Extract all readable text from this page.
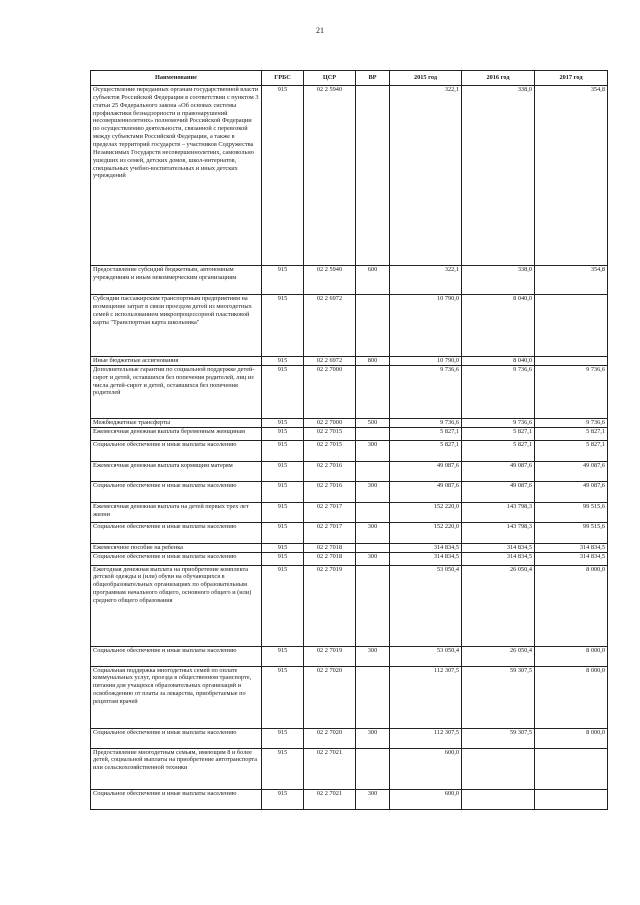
21
Наименование	ГРБС	ЦСР	ВР	2015 год	2016 год	2017 год
Осуществление переданных органам государственной власти субъектов Российской Федерации в соответствии с пунктом 3 статьи 25 Федерального закона «Об основах системы профилактики безнадзорности и правонарушений несовершеннолетних» полномочий Российской Федерации по осуществлению деятельности, связанной с перевозкой между субъектами Российской Федерации, а также в пределах территорий государств – участников Содружества Независимых Государств несовершеннолетних, самовольно ушедших из семей, детских домов, школ-интернатов, специальных учебно-воспитательных и иных детских учреждений	915	02 2 5940		322,1	338,0	354,8
Предоставление субсидий бюджетным, автономным учреждениям и иным некоммерческим организациям	915	02 2 5940	600	322,1	338,0	354,8
Субсидии пассажирским транспортным предприятиям на возмещение затрат в связи проездом детей из многодетных семей с использованием микропроцессорной пластиковой карты "Транспортная карта школьника"	915	02 2 6972		10 790,0	8 040,0	
Иные бюджетные ассигнования	915	02 2 6972	800	10 790,0	8 040,0	
Дополнительные гарантии по социальной поддержке детей-сирот и детей, оставшихся без попечения родителей, лиц из числа детей-сирот и детей, оставшихся без попечения родителей	915	02 2 7000		9 736,6	9 736,6	9 736,6
Межбюджетные трансферты	915	02 2 7000	500	9 736,6	9 736,6	9 736,6
Ежемесячная денежная выплата беременным женщинам	915	02 2 7015		5 827,1	5 827,1	5 827,1
Социальное обеспечение и иные выплаты населению	915	02 2 7015	300	5 827,1	5 827,1	5 827,1
Ежемесячная денежная выплата кормящим матерям	915	02 2 7016		49 087,6	49 087,6	49 087,6
Социальное обеспечение и иные выплаты населению	915	02 2 7016	300	49 087,6	49 087,6	49 087,6
Ежемесячная денежная выплата на детей первых трех лет жизни	915	02 2 7017		152 220,0	143 798,3	99 515,6
Социальное обеспечение и иные выплаты населению	915	02 2 7017	300	152 220,0	143 798,3	99 515,6
Ежемесячное пособие на ребенка	915	02 2 7018		314 834,5	314 834,5	314 834,5
Социальное обеспечение и иные выплаты населению	915	02 2 7018	300	314 834,5	314 834,5	314 834,5
Ежегодная денежная выплата на приобретение комплекта детской одежды и (или) обуви на обучающихся в общеобразовательных организациях по образовательным программам начального общего, основного общего и (или) среднего общего образования	915	02 2 7019		53 050,4	26 050,4	8 000,0
Социальное обеспечение и иные выплаты населению	915	02 2 7019	300	53 050,4	26 050,4	8 000,0
Социальная поддержка многодетных семей по оплате коммунальных услуг, проезда в общественном транспорте, питания для учащихся образовательных организаций и освобождению от платы за лекарства, приобретаемые по рецептам врачей	915	02 2 7020		112 307,5	59 307,5	8 000,0
Социальное обеспечение и иные выплаты населению	915	02 2 7020	300	112 307,5	59 307,5	8 000,0
Предоставление многодетным семьям, имеющим 8 и более детей, социальной выплаты на приобретение автотранспорта или сельскохозяйственной техники	915	02 2 7021		600,0		
Социальное обеспечение и иные выплаты населению	915	02 2 7021	300	600,0		
